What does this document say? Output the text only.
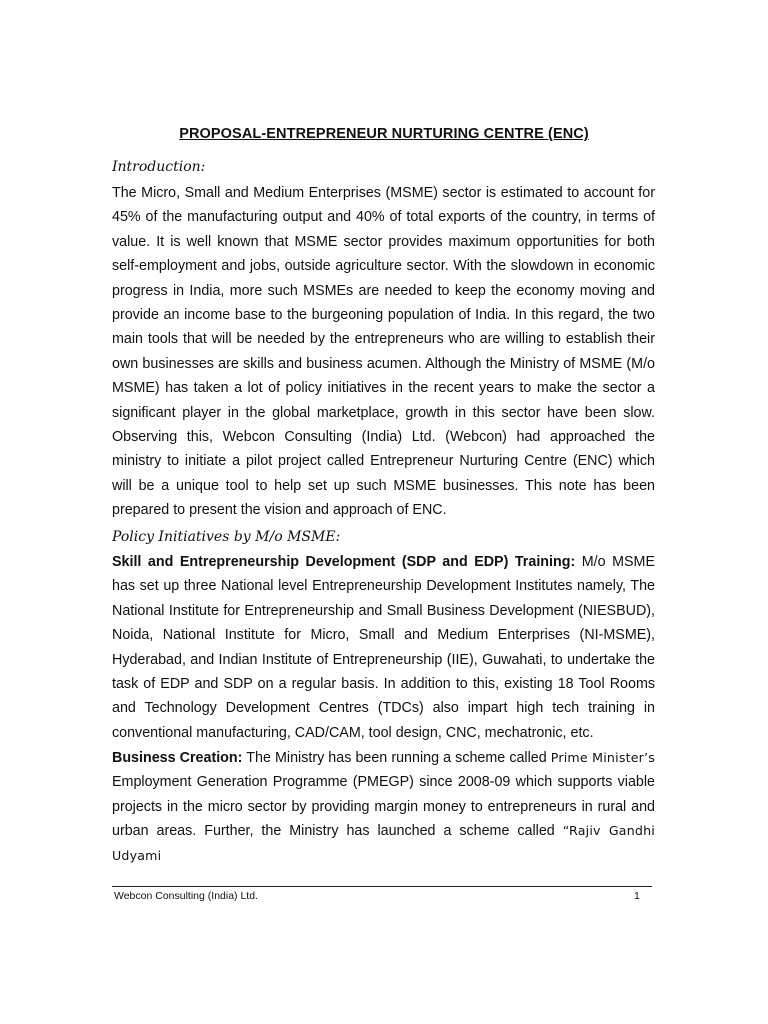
PROPOSAL-ENTREPRENEUR NURTURING CENTRE (ENC)
Introduction:

The Micro, Small and Medium Enterprises (MSME) sector is estimated to account for 45% of the manufacturing output and 40% of total exports of the country, in terms of value. It is well known that MSME sector provides maximum opportunities for both self-employment and jobs, outside agriculture sector. With the slowdown in economic progress in India, more such MSMEs are needed to keep the economy moving and provide an income base to the burgeoning population of India. In this regard, the two main tools that will be needed by the entrepreneurs who are willing to establish their own businesses are skills and business acumen. Although the Ministry of MSME (M/o MSME) has taken a lot of policy initiatives in the recent years to make the sector a significant player in the global marketplace, growth in this sector have been slow. Observing this, Webcon Consulting (India) Ltd. (Webcon) had approached the ministry to initiate a pilot project called Entrepreneur Nurturing Centre (ENC) which will be a unique tool to help set up such MSME businesses. This note has been prepared to present the vision and approach of ENC.

Policy Initiatives by M/o MSME:

Skill and Entrepreneurship Development (SDP and EDP) Training: M/o MSME has set up three National level Entrepreneurship Development Institutes namely, The National Institute for Entrepreneurship and Small Business Development (NIESBUD), Noida, National Institute for Micro, Small and Medium Enterprises (NI-MSME), Hyderabad, and Indian Institute of Entrepreneurship (IIE), Guwahati, to undertake the task of EDP and SDP on a regular basis. In addition to this, existing 18 Tool Rooms and Technology Development Centres (TDCs) also impart high tech training in conventional manufacturing, CAD/CAM, tool design, CNC, mechatronic, etc.

Business Creation: The Ministry has been running a scheme called Prime Minister’s Employment Generation Programme (PMEGP) since 2008-09 which supports viable projects in the micro sector by providing margin money to entrepreneurs in rural and urban areas. Further, the Ministry has launched a scheme called “Rajiv Gandhi Udyami

Webcon Consulting (India) Ltd.	1
